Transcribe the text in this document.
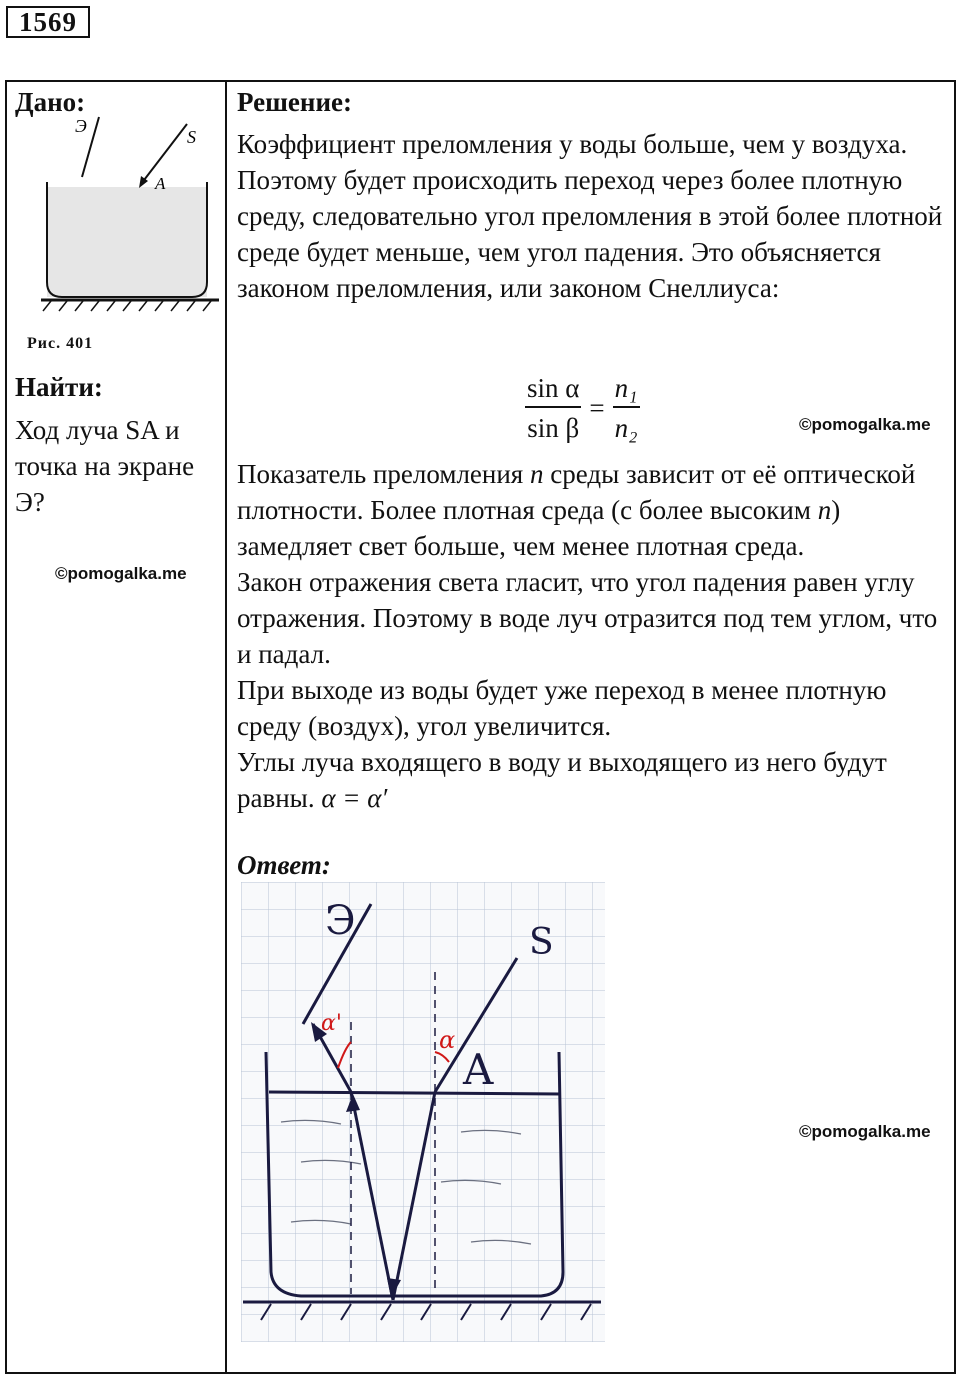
1569
Дано:
Э
S
A
Рис. 401
Найти:
Ход луча SA и точка на экране Э?
©pomogalka.me
Решение:

Коэффициент преломления у воды больше, чем у воздуха.

Поэтому будет происходить переход через более плотную среду, следовательно угол преломления в этой более плотной среде будет меньше, чем угол падения. Это объясняется законом преломления, или законом Снеллиуса:

©pomogalka.me
$\frac{\text{sin α}}{\text{sin β}} = \frac{\text{n₁}}{\text{n₂}}$

Показатель преломления n среды зависит от её оптической плотности. Более плотная среда (с более высоким n) замедляет свет больше, чем менее плотная среда.

Закон отражения света гласит, что угол падения равен углу отражения. Поэтому в воде луч отразится под тем углом, что и падал.

При выходе из воды будет уже переход в менее плотную среду (воздух), угол увеличится.

Углы луча входящего в воду и выходящего из него будут равны. α = α′

Ответ:
Э	S
A
α'
α
©pomogalka.me
